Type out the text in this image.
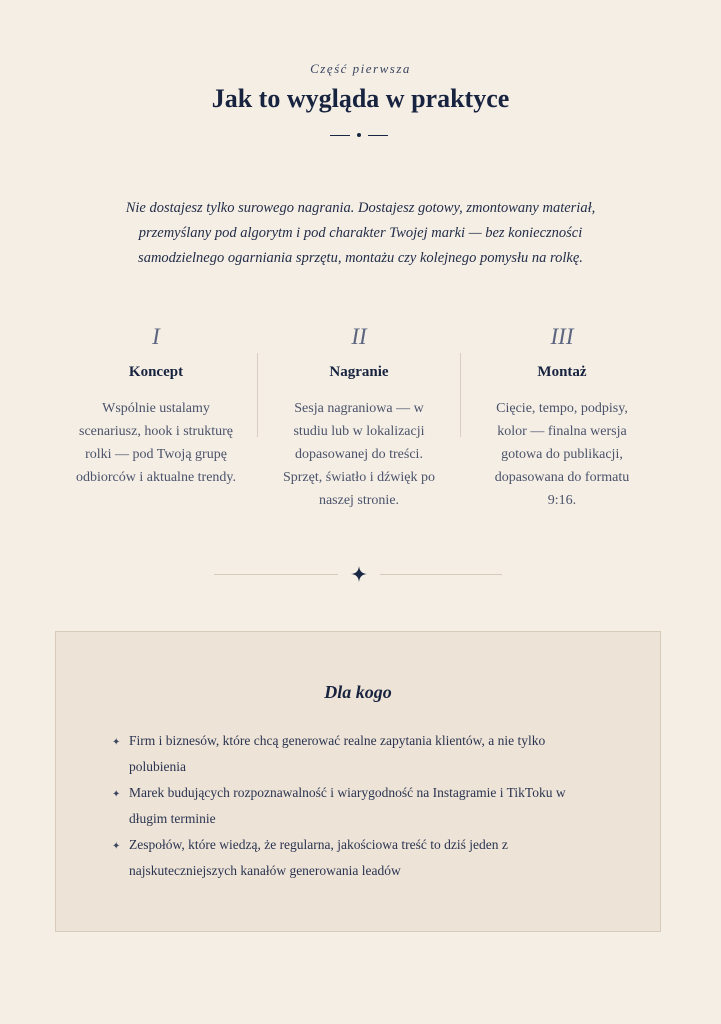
Część pierwsza
Jak to wygląda w praktyce

Nie dostajesz tylko surowego nagrania. Dostajesz gotowy, zmontowany materiał, przemyślany pod algorytm i pod charakter Twojej marki — bez konieczności samodzielnego ogarniania sprzętu, montażu czy kolejnego pomysłu na rolkę.

I
Koncept
Wspólnie ustalamy scenariusz, hook i strukturę rolki — pod Twoją grupę odbiorców i aktualne trendy.
II
Nagranie
Sesja nagraniowa — w studiu lub w lokalizacji dopasowanej do treści. Sprzęt, światło i dźwięk po naszej stronie.
III
Montaż
Cięcie, tempo, podpisy, kolor — finalna wersja gotowa do publikacji, dopasowana do formatu 9:16.
Dla kogo
✦ Firm i biznesów, które chcą generować realne zapytania klientów, a nie tylko polubienia
✦ Marek budujących rozpoznawalność i wiarygodność na Instagramie i TikToku w długim terminie
✦ Zespołów, które wiedzą, że regularna, jakościowa treść to dziś jeden z najskuteczniejszych kanałów generowania leadów
